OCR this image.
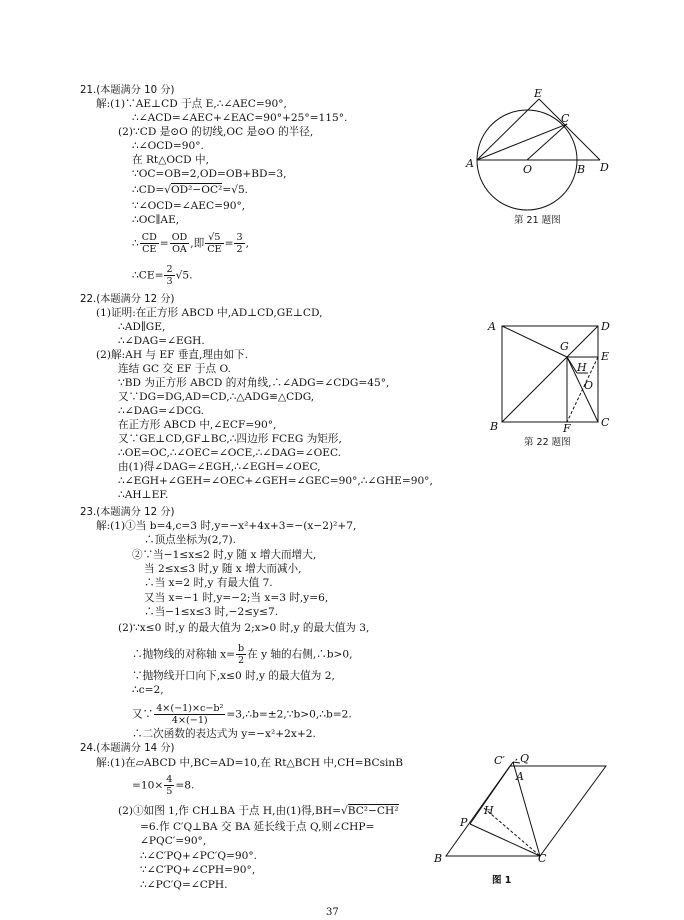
21.(本题满分 10 分)
解:(1)∵AE⊥CD 于点 E,∴∠AEC=90°,
∴∠ACD=∠AEC+∠EAC=90°+25°=115°.
(2)∵CD 是⊙O 的切线,OC 是⊙O 的半径,
∴∠OCD=90°.
在 Rt△OCD 中,
∵OC=OB=2,OD=OB+BD=3,
∴CD=√OD²−OC²=√5.
∵∠OCD=∠AEC=90°,
∴OC∥AE,
∴ $\frac{CD}{CE} = \frac{OD}{OA}$ ,即 $\frac{√5}{CE} = \frac{3}{2}$ ,
∴CE= $\frac{2}{3} √5$.
E
C
A	O	B D
第 21 题图
22.(本题满分 12 分)
(1)证明:在正方形 ABCD 中,AD⊥CD,GE⊥CD,
∴AD∥GE,
∴∠DAG=∠EGH.
(2)解:AH 与 EF 垂直,理由如下.
连结 GC 交 EF 于点 O.
∵BD 为正方形 ABCD 的对角线,∴∠ADG=∠CDG=45°,
又∵DG=DG,AD=CD,∴△ADG≌△CDG,
∴∠DAG=∠DCG.
在正方形 ABCD 中,∠ECF=90°,
又∵GE⊥CD,GF⊥BC,∴四边形 FCEG 为矩形,
∴OE=OC,∴∠OEC=∠OCE,∴∠DAG=∠OEC.
由(1)得∠DAG=∠EGH,∴∠EGH=∠OEC,
∴∠EGH+∠GEH=∠OEC+∠GEH=∠GEC=90°,∴∠GHE=90°,
∴AH⊥EF.
A	D
G
E
H
O
B	F	C
第 22 题图
23.(本题满分 12 分)
解:(1)①当 b=4,c=3 时,y=−x²+4x+3=−(x−2)²+7,
∴顶点坐标为(2,7).
②∵当−1≤x≤2 时,y 随 x 增大而增大,
当 2≤x≤3 时,y 随 x 增大而减小,
∴当 x=2 时,y 有最大值 7.
又当 x=−1 时,y=−2;当 x=3 时,y=6,
∴当−1≤x≤3 时,−2≤y≤7.
(2)∵x≤0 时,y 的最大值为 2;x>0 时,y 的最大值为 3,
∴抛物线的对称轴 $x= \frac{b}{2}$ 在 y 轴的右侧,∴b>0,
∵抛物线开口向下,x≤0 时,y 的最大值为 2,
∴c=2,
又∵ $\frac{\text{4×(−1)×c−b²}}{4\times(-1)}$ =3,∴b=±2,∵b>0,∴b=2.
∴二次函数的表达式为 y=−x²+2x+2.
24.(本题满分 14 分)
解:(1)在▱ABCD 中,BC=AD=10,在 Rt△BCH 中,CH=BCsinB
$=10\times \frac{4}{5} =8$.
(2)①如图 1,作 CH⊥BA 于点 H,由(1)得,BH=√BC²−CH²
=6.作 C′Q⊥BA 交 BA 延长线于点 Q,则∠CHP=
∠PQC′=90°,
∴∠C′PQ+∠PC′Q=90°.
∵∠C′PQ+∠CPH=90°,
∴∠PC′Q=∠CPH.
C′ Q
A
H
P
B	C
图 1
37
